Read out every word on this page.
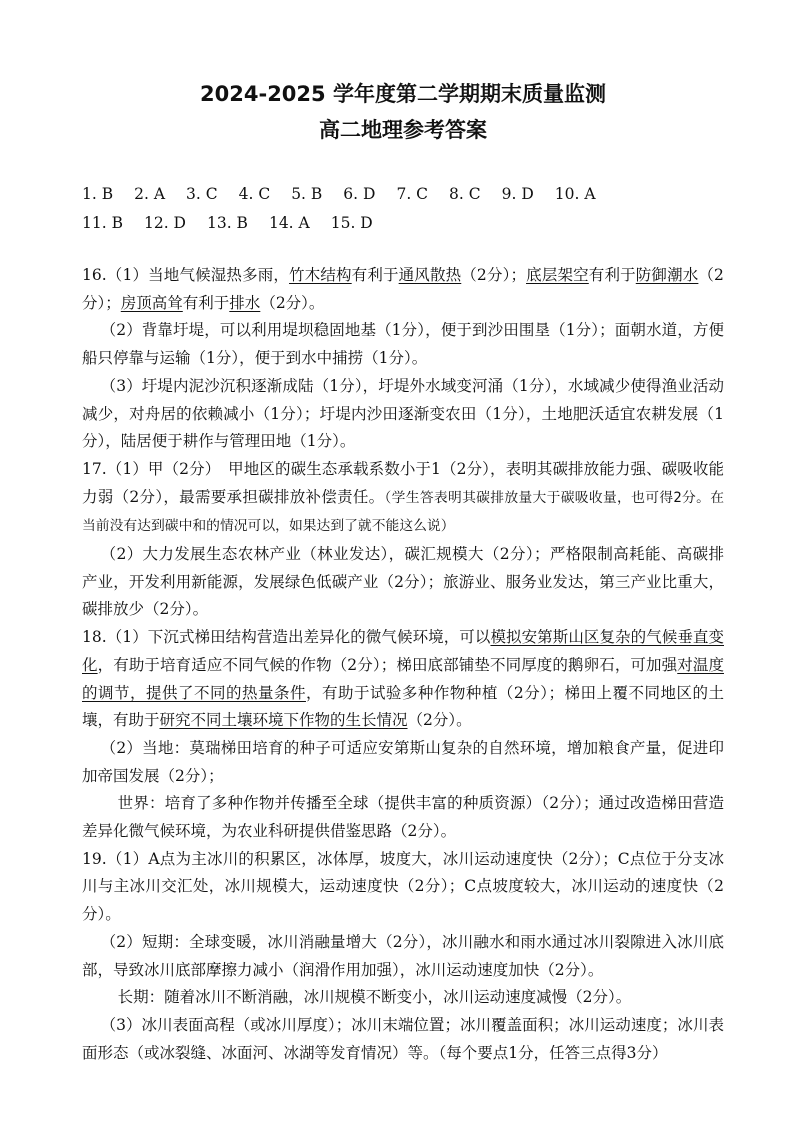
2024-2025 学年度第二学期期末质量监测
高二地理参考答案
1. B 2. A 3. C 4. C 5. B 6. D 7. C 8. C 9. D 10. A
11. B 12. D 13. B 14. A 15. D

16.（1）当地气候湿热多雨，竹木结构有利于通风散热（2分）；底层架空有利于防御潮水（2分）；房顶高耸有利于排水（2分）。

（2）背靠圩堤，可以利用堤坝稳固地基（1分），便于到沙田围垦（1分）；面朝水道，方便船只停靠与运输（1分），便于到水中捕捞（1分）。

（3）圩堤内泥沙沉积逐渐成陆（1分），圩堤外水域变河涌（1分），水域减少使得渔业活动减少，对舟居的依赖减小（1分）；圩堤内沙田逐渐变农田（1分），土地肥沃适宜农耕发展（1分），陆居便于耕作与管理田地（1分）。

17.（1）甲（2分）　甲地区的碳生态承载系数小于1（2分），表明其碳排放能力强、碳吸收能力弱（2分），最需要承担碳排放补偿责任。（学生答表明其碳排放量大于碳吸收量，也可得2分。在当前没有达到碳中和的情况可以，如果达到了就不能这么说）

（2）大力发展生态农林产业（林业发达），碳汇规模大（2分）；严格限制高耗能、高碳排产业，开发利用新能源，发展绿色低碳产业（2分）；旅游业、服务业发达，第三产业比重大，碳排放少（2分）。

18.（1）下沉式梯田结构营造出差异化的微气候环境，可以模拟安第斯山区复杂的气候垂直变化，有助于培育适应不同气候的作物（2分）；梯田底部铺垫不同厚度的鹅卵石，可加强对温度的调节，提供了不同的热量条件，有助于试验多种作物种植（2分）；梯田上覆不同地区的土壤，有助于研究不同土壤环境下作物的生长情况（2分）。

（2）当地：莫瑞梯田培育的种子可适应安第斯山复杂的自然环境，增加粮食产量，促进印加帝国发展（2分）；

世界：培育了多种作物并传播至全球（提供丰富的种质资源）（2分）；通过改造梯田营造差异化微气候环境，为农业科研提供借鉴思路（2分）。

19.（1）A点为主冰川的积累区，冰体厚，坡度大，冰川运动速度快（2分）；C点位于分支冰川与主冰川交汇处，冰川规模大，运动速度快（2分）；C点坡度较大，冰川运动的速度快（2分）。

（2）短期：全球变暖，冰川消融量增大（2分），冰川融水和雨水通过冰川裂隙进入冰川底部，导致冰川底部摩擦力减小（润滑作用加强），冰川运动速度加快（2分）。

长期：随着冰川不断消融，冰川规模不断变小，冰川运动速度减慢（2分）。

（3）冰川表面高程（或冰川厚度）；冰川末端位置；冰川覆盖面积；冰川运动速度；冰川表面形态（或冰裂缝、冰面河、冰湖等发育情况）等。（每个要点1分，任答三点得3分）
